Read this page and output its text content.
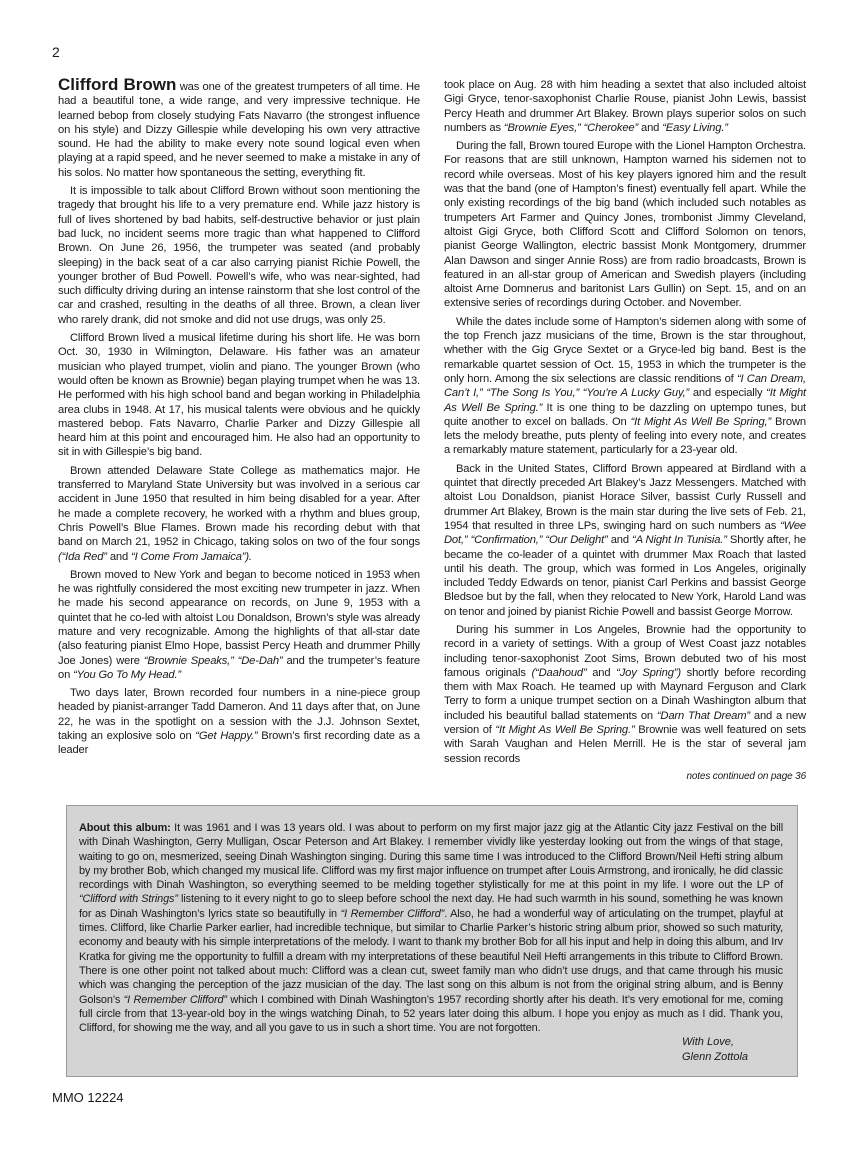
2

Clifford Brown was one of the greatest trumpeters of all time. He had a beautiful tone, a wide range, and very impressive technique. He learned bebop from closely studying Fats Navarro (the strongest influence on his style) and Dizzy Gillespie while developing his own very attractive sound. He had the ability to make every note sound logical even when playing at a rapid speed, and he never seemed to make a mistake in any of his solos. No matter how spontaneous the setting, everything fit.

It is impossible to talk about Clifford Brown without soon mentioning the tragedy that brought his life to a very premature end. While jazz history is full of lives shortened by bad habits, self-destructive behavior or just plain bad luck, no incident seems more tragic than what happened to Clifford Brown. On June 26, 1956, the trumpeter was seated (and probably sleeping) in the back seat of a car also carrying pianist Richie Powell, the younger brother of Bud Powell. Powell’s wife, who was near-sighted, had such difficulty driving during an intense rainstorm that she lost control of the car and crashed, resulting in the deaths of all three. Brown, a clean liver who rarely drank, did not smoke and did not use drugs, was only 25.

Clifford Brown lived a musical lifetime during his short life. He was born Oct. 30, 1930 in Wilmington, Delaware. His father was an amateur musician who played trumpet, violin and piano. The younger Brown (who would often be known as Brownie) began playing trumpet when he was 13. He performed with his high school band and began working in Philadelphia area clubs in 1948. At 17, his musical talents were obvious and he quickly mastered bebop. Fats Navarro, Charlie Parker and Dizzy Gillespie all heard him at this point and encouraged him. He also had an opportunity to sit in with Gillespie’s big band.

Brown attended Delaware State College as mathematics major. He transferred to Maryland State University but was involved in a serious car accident in June 1950 that resulted in him being disabled for a year. After he made a complete recovery, he worked with a rhythm and blues group, Chris Powell’s Blue Flames. Brown made his recording debut with that band on March 21, 1952 in Chicago, taking solos on two of the four songs (“Ida Red” and “I Come From Jamaica”).

Brown moved to New York and began to become noticed in 1953 when he was rightfully considered the most exciting new trumpeter in jazz. When he made his second appearance on records, on June 9, 1953 with a quintet that he co-led with altoist Lou Donaldson, Brown’s style was already mature and very recognizable. Among the highlights of that all-star date (also featuring pianist Elmo Hope, bassist Percy Heath and drummer Philly Joe Jones) were “Brownie Speaks,” “De-Dah” and the trumpeter’s feature on “You Go To My Head.”

Two days later, Brown recorded four numbers in a nine-piece group headed by pianist-arranger Tadd Dameron. And 11 days after that, on June 22, he was in the spotlight on a session with the J.J. Johnson Sextet, taking an explosive solo on “Get Happy.” Brown’s first recording date as a leader

took place on Aug. 28 with him heading a sextet that also included altoist Gigi Gryce, tenor-saxophonist Charlie Rouse, pianist John Lewis, bassist Percy Heath and drummer Art Blakey. Brown plays superior solos on such numbers as “Brownie Eyes,” “Cherokee” and “Easy Living.”

During the fall, Brown toured Europe with the Lionel Hampton Orchestra. For reasons that are still unknown, Hampton warned his sidemen not to record while overseas. Most of his key players ignored him and the result was that the band (one of Hampton’s finest) eventually fell apart. While the only existing recordings of the big band (which included such notables as trumpeters Art Farmer and Quincy Jones, trombonist Jimmy Cleveland, altoist Gigi Gryce, both Clifford Scott and Clifford Solomon on tenors, pianist George Wallington, electric bassist Monk Montgomery, drummer Alan Dawson and singer Annie Ross) are from radio broadcasts, Brown is featured in an all-star group of American and Swedish players (including altoist Arne Domnerus and baritonist Lars Gullin) on Sept. 15, and on an extensive series of recordings during October. and November.

While the dates include some of Hampton’s sidemen along with some of the top French jazz musicians of the time, Brown is the star throughout, whether with the Gig Gryce Sextet or a Gryce-led big band. Best is the remarkable quartet session of Oct. 15, 1953 in which the trumpeter is the only horn. Among the six selections are classic renditions of “I Can Dream, Can’t I,” “The Song Is You,” “You’re A Lucky Guy,” and especially “It Might As Well Be Spring.” It is one thing to be dazzling on uptempo tunes, but quite another to excel on ballads. On “It Might As Well Be Spring,” Brown lets the melody breathe, puts plenty of feeling into every note, and creates a remarkably mature statement, particularly for a 23-year old.

Back in the United States, Clifford Brown appeared at Birdland with a quintet that directly preceded Art Blakey’s Jazz Messengers. Matched with altoist Lou Donaldson, pianist Horace Silver, bassist Curly Russell and drummer Art Blakey, Brown is the main star during the live sets of Feb. 21, 1954 that resulted in three LPs, swinging hard on such numbers as “Wee Dot,” “Confirmation,” “Our Delight” and “A Night In Tunisia.” Shortly after, he became the co-leader of a quintet with drummer Max Roach that lasted until his death. The group, which was formed in Los Angeles, originally included Teddy Edwards on tenor, pianist Carl Perkins and bassist George Bledsoe but by the fall, when they relocated to New York, Harold Land was on tenor and joined by pianist Richie Powell and bassist George Morrow.

During his summer in Los Angeles, Brownie had the opportunity to record in a variety of settings. With a group of West Coast jazz notables including tenor-saxophonist Zoot Sims, Brown debuted two of his most famous originals (“Daahoud” and “Joy Spring”) shortly before recording them with Max Roach. He teamed up with Maynard Ferguson and Clark Terry to form a unique trumpet section on a Dinah Washington album that included his beautiful ballad statements on “Darn That Dream” and a new version of “It Might As Well Be Spring.” Brownie was well featured on sets with Sarah Vaughan and Helen Merrill. He is the star of several jam session records

notes continued on page 36

About this album: It was 1961 and I was 13 years old. I was about to perform on my first major jazz gig at the Atlantic City jazz Festival on the bill with Dinah Washington, Gerry Mulligan, Oscar Peterson and Art Blakey. I remember vividly like yesterday looking out from the wings of that stage, waiting to go on, mesmerized, seeing Dinah Washington singing. During this same time I was introduced to the Clifford Brown/Neil Hefti string album by my brother Bob, which changed my musical life. Clifford was my first major influence on trumpet after Louis Armstrong, and ironically, he did classic recordings with Dinah Washington, so everything seemed to be melding together stylistically for me at this point in my life. I wore out the LP of “Clifford with Strings” listening to it every night to go to sleep before school the next day. He had such warmth in his sound, something he was known for as Dinah Washington’s lyrics state so beautifully in “I Remember Clifford”. Also, he had a wonderful way of articulating on the trumpet, playful at times. Clifford, like Charlie Parker earlier, had incredible technique, but similar to Charlie Parker’s historic string album prior, showed so such maturity, economy and beauty with his simple interpretations of the melody. I want to thank my brother Bob for all his input and help in doing this album, and Irv Kratka for giving me the opportunity to fulfill a dream with my interpretations of these beautiful Neil Hefti arrangements in this tribute to Clifford Brown. There is one other point not talked about much: Clifford was a clean cut, sweet family man who didn’t use drugs, and that came through his music which was changing the perception of the jazz musician of the day. The last song on this album is not from the original string album, and is Benny Golson’s “I Remember Clifford” which I combined with Dinah Washington’s 1957 recording shortly after his death. It’s very emotional for me, coming full circle from that 13-year-old boy in the wings watching Dinah, to 52 years later doing this album. I hope you enjoy as much as I did. Thank you, Clifford, for showing me the way, and all you gave to us in such a short time. You are not forgotten.

With Love,
Glenn Zottola
MMO 12224
